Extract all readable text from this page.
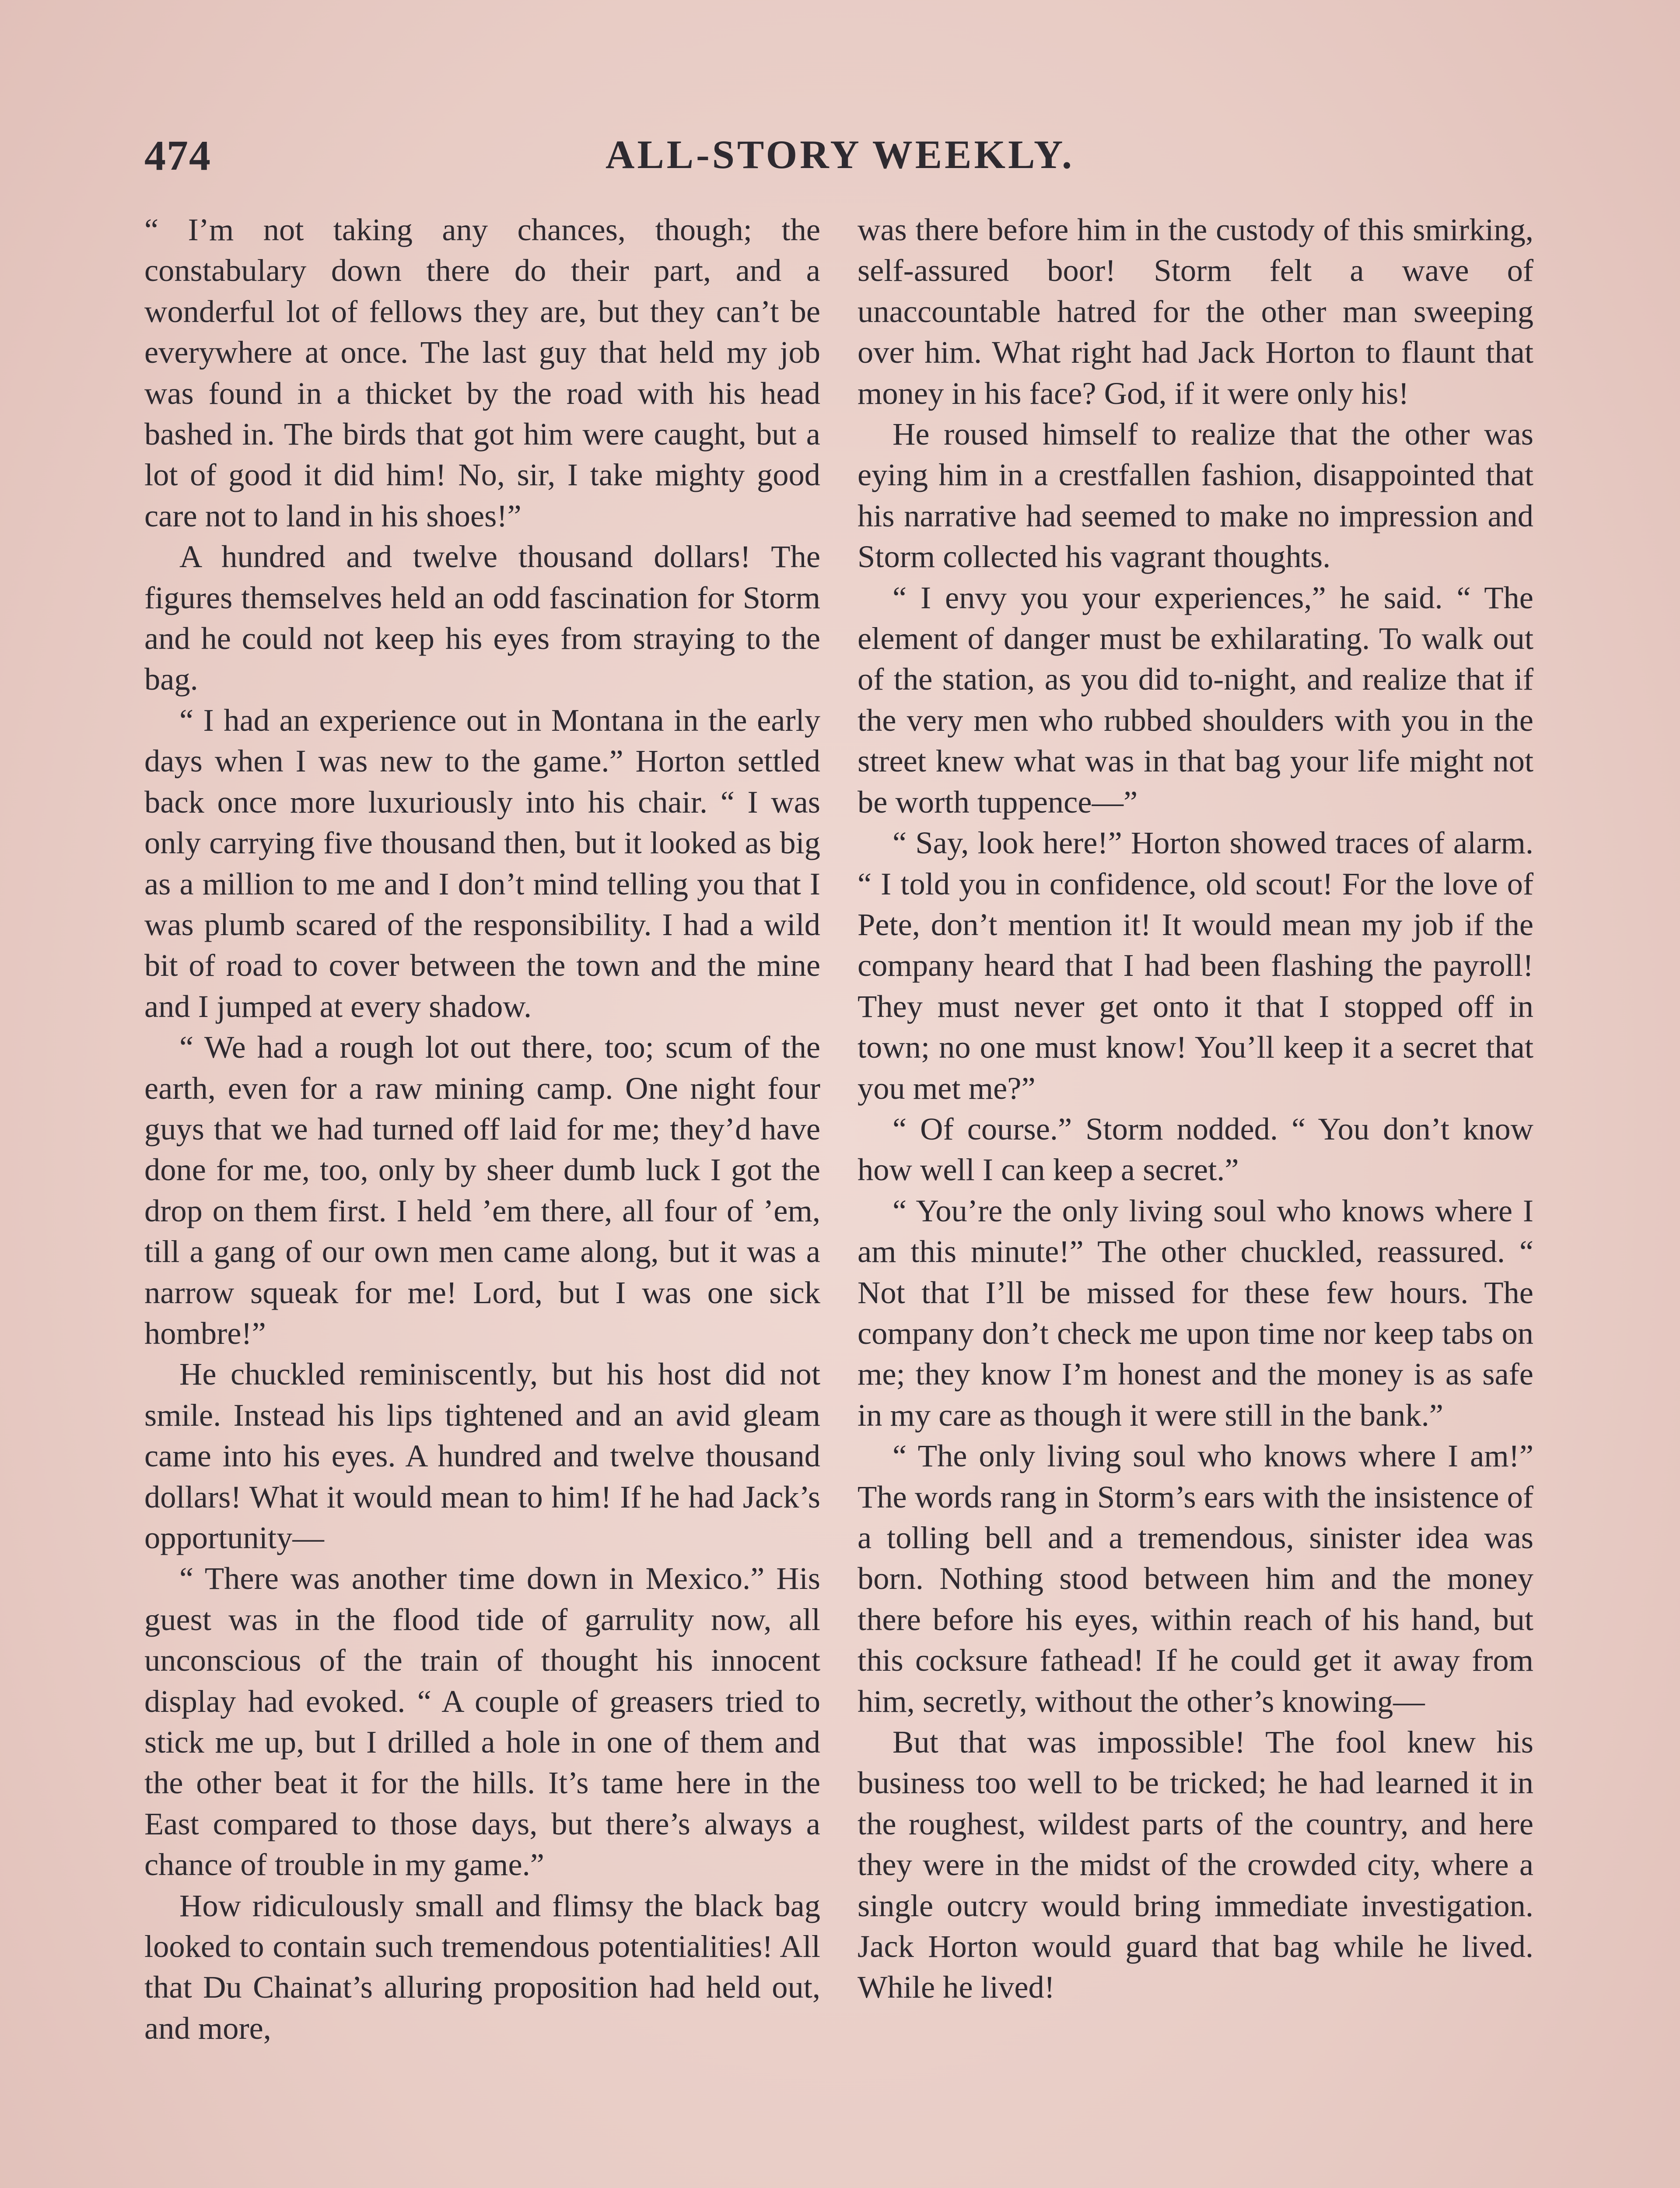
474	ALL-STORY WEEKLY.

“ I’m not taking any chances, though; the constabulary down there do their part, and a wonderful lot of fellows they are, but they can’t be everywhere at once. The last guy that held my job was found in a thicket by the road with his head bashed in. The birds that got him were caught, but a lot of good it did him! No, sir, I take mighty good care not to land in his shoes!”

A hundred and twelve thousand dollars! The figures themselves held an odd fascination for Storm and he could not keep his eyes from straying to the bag.

“ I had an experience out in Montana in the early days when I was new to the game.” Horton settled back once more luxuriously into his chair. “ I was only carrying five thousand then, but it looked as big as a million to me and I don’t mind telling you that I was plumb scared of the responsibility. I had a wild bit of road to cover between the town and the mine and I jumped at every shadow.

“ We had a rough lot out there, too; scum of the earth, even for a raw mining camp. One night four guys that we had turned off laid for me; they’d have done for me, too, only by sheer dumb luck I got the drop on them first. I held ’em there, all four of ’em, till a gang of our own men came along, but it was a narrow squeak for me! Lord, but I was one sick hombre!”

He chuckled reminiscently, but his host did not smile. Instead his lips tightened and an avid gleam came into his eyes. A hundred and twelve thousand dollars! What it would mean to him! If he had Jack’s opportunity—

“ There was another time down in Mexico.” His guest was in the flood tide of garrulity now, all unconscious of the train of thought his innocent display had evoked. “ A couple of greasers tried to stick me up, but I drilled a hole in one of them and the other beat it for the hills. It’s tame here in the East compared to those days, but there’s always a chance of trouble in my game.”

How ridiculously small and flimsy the black bag looked to contain such tremendous potentialities! All that Du Chainat’s alluring proposition had held out, and more,

was there before him in the custody of this smirking, self-assured boor! Storm felt a wave of unaccountable hatred for the other man sweeping over him. What right had Jack Horton to flaunt that money in his face? God, if it were only his!

He roused himself to realize that the other was eying him in a crestfallen fashion, disappointed that his narrative had seemed to make no impression and Storm collected his vagrant thoughts.

“ I envy you your experiences,” he said. “ The element of danger must be exhilarating. To walk out of the station, as you did to-night, and realize that if the very men who rubbed shoulders with you in the street knew what was in that bag your life might not be worth tuppence—”

“ Say, look here!” Horton showed traces of alarm. “ I told you in confidence, old scout! For the love of Pete, don’t mention it! It would mean my job if the company heard that I had been flashing the payroll! They must never get onto it that I stopped off in town; no one must know! You’ll keep it a secret that you met me?”

“ Of course.” Storm nodded. “ You don’t know how well I can keep a secret.”

“ You’re the only living soul who knows where I am this minute!” The other chuckled, reassured. “ Not that I’ll be missed for these few hours. The company don’t check me upon time nor keep tabs on me; they know I’m honest and the money is as safe in my care as though it were still in the bank.”

“ The only living soul who knows where I am!” The words rang in Storm’s ears with the insistence of a tolling bell and a tremendous, sinister idea was born. Nothing stood between him and the money there before his eyes, within reach of his hand, but this cocksure fathead! If he could get it away from him, secretly, without the other’s knowing—

But that was impossible! The fool knew his business too well to be tricked; he had learned it in the roughest, wildest parts of the country, and here they were in the midst of the crowded city, where a single outcry would bring immediate investigation. Jack Horton would guard that bag while he lived. While he lived!
